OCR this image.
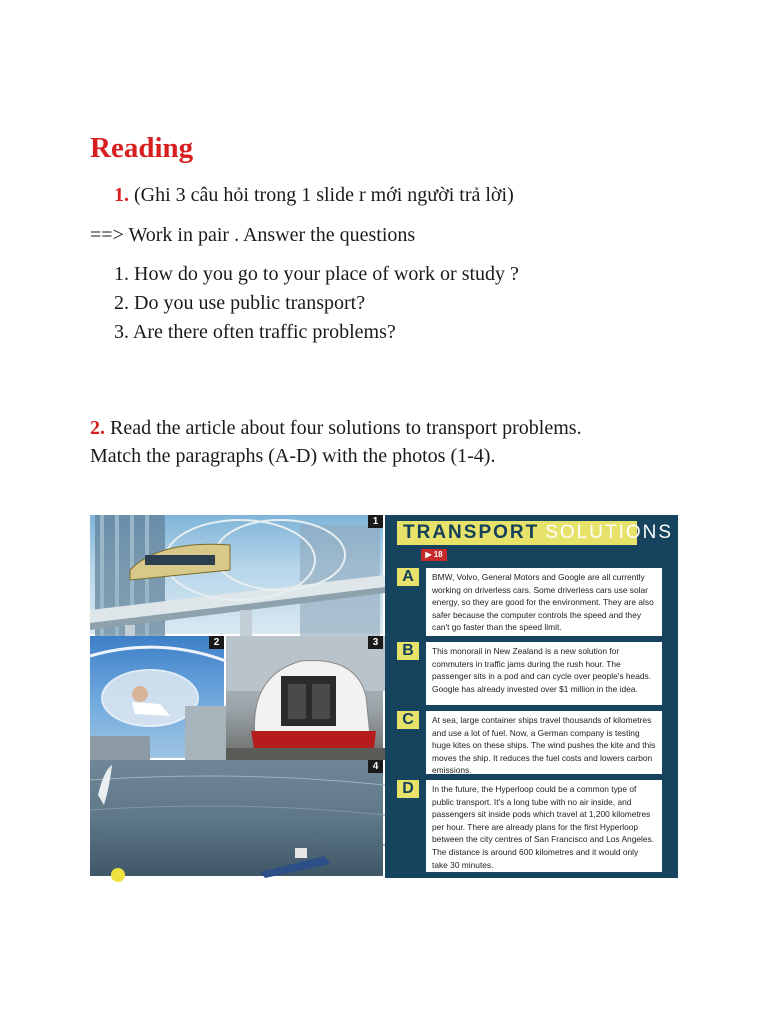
Reading
1. (Ghi 3 câu hỏi trong 1 slide r mới người trả lời)
==> Work in pair . Answer the questions
1. How do you go to your place of work or study ?
2. Do you use public transport?
3. Are there often traffic problems?
2. Read the article about four solutions to transport problems.
Match the paragraphs (A-D) with the photos (1-4).
1
2	3
4
TRANSPORT SOLUTIONS
▶ 18
A	BMW, Volvo, General Motors and Google are all currently working on driverless cars. Some driverless cars use solar energy, so they are good for the environment. They are also safer because the computer controls the speed and they can't go faster than the speed limit.
B	This monorail in New Zealand is a new solution for commuters in traffic jams during the rush hour. The passenger sits in a pod and can cycle over people's heads. Google has already invested over $1 million in the idea.
C	At sea, large container ships travel thousands of kilometres and use a lot of fuel. Now, a German company is testing huge kites on these ships. The wind pushes the kite and this moves the ship. It reduces the fuel costs and lowers carbon emissions.
D	In the future, the Hyperloop could be a common type of public transport. It's a long tube with no air inside, and passengers sit inside pods which travel at 1,200 kilometres per hour. There are already plans for the first Hyperloop between the city centres of San Francisco and Los Angeles. The distance is around 600 kilometres and it would only take 30 minutes.
